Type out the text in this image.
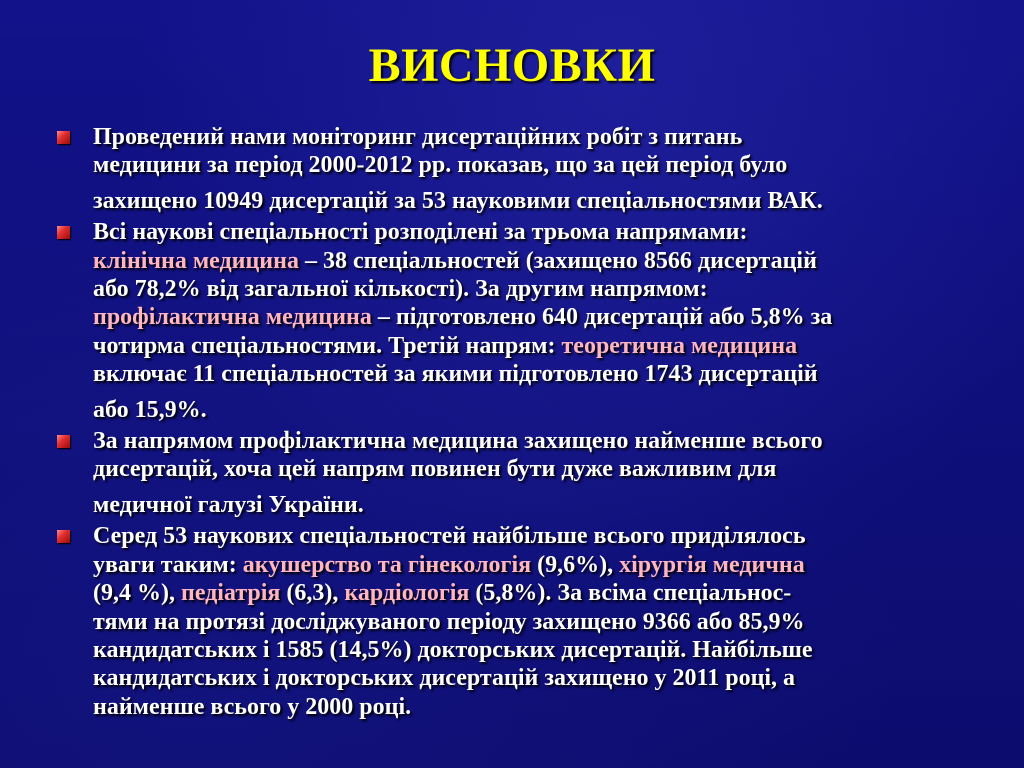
ВИСНОВКИ
Проведений нами моніторинг дисертаційних робіт з питань
медицини за період 2000-2012 рр. показав, що за цей період було
захищено 10949 дисертацій за 53 науковими спеціальностями ВАК.
Всі наукові спеціальності розподілені за трьома напрямами:
клінічна медицина – 38 спеціальностей (захищено 8566 дисертацій
або 78,2% від загальної кількості). За другим напрямом:
профілактична медицина – підготовлено 640 дисертацій або 5,8% за
чотирма спеціальностями. Третій напрям: теоретична медицина
включає 11 спеціальностей за якими підготовлено 1743 дисертацій
або 15,9%.
За напрямом профілактична медицина захищено найменше всього
дисертацій, хоча цей напрям повинен бути дуже важливим для
медичної галузі України.
Серед 53 наукових спеціальностей найбільше всього приділялось
уваги таким: акушерство та гінекологія (9,6%), хірургія медична
(9,4 %), педіатрія (6,3), кардіологія (5,8%). За всіма спеціальнос-
тями на протязі досліджуваного періоду захищено 9366 або 85,9%
кандидатських і 1585 (14,5%) докторських дисертацій. Найбільше
кандидатських і докторських дисертацій захищено у 2011 році, а
найменше всього у 2000 році.
